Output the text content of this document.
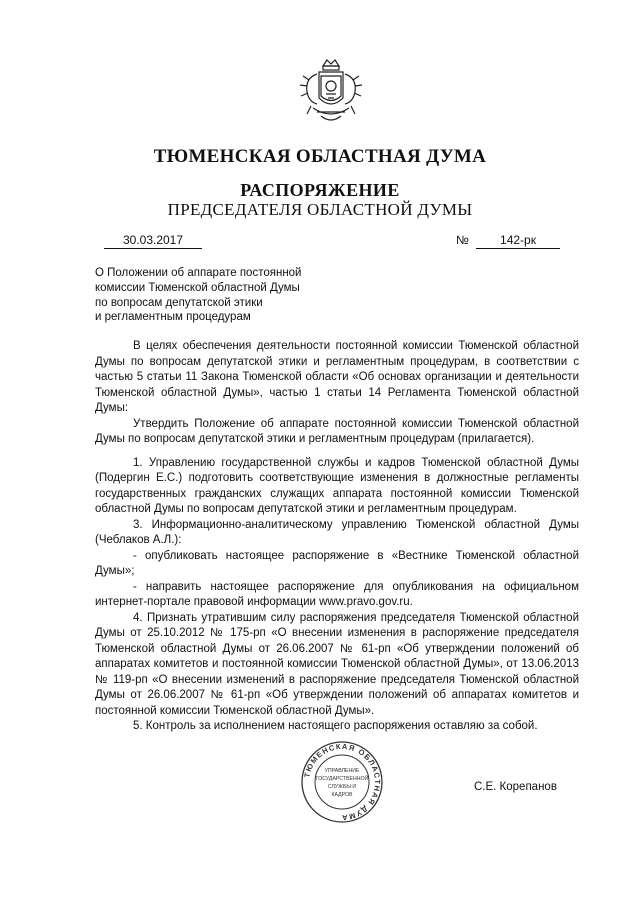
ТЮМЕНСКАЯ ОБЛАСТНАЯ ДУМА
РАСПОРЯЖЕНИЕ
ПРЕДСЕДАТЕЛЯ ОБЛАСТНОЙ ДУМЫ
30.03.2017	№	142-рк
О Положении об аппарате постоянной
комиссии Тюменской областной Думы
по вопросам депутатской этики
и регламентным процедурам

В целях обеспечения деятельности постоянной комиссии Тюменской областной Думы по вопросам депутатской этики и регламентным процедурам, в соответствии с частью 5 статьи 11 Закона Тюменской области «Об основах организации и деятельности Тюменской областной Думы», частью 1 статьи 14 Регламента Тюменской областной Думы:

Утвердить Положение об аппарате постоянной комиссии Тюменской областной Думы по вопросам депутатской этики и регламентным процедурам (прилагается).

1. Управлению государственной службы и кадров Тюменской областной Думы (Подергин Е.С.) подготовить соответствующие изменения в должностные регламенты государственных гражданских служащих аппарата постоянной комиссии Тюменской областной Думы по вопросам депутатской этики и регламентным процедурам.

3. Информационно-аналитическому управлению Тюменской областной Думы (Чеблаков А.Л.):

- опубликовать настоящее распоряжение в «Вестнике Тюменской областной Думы»;

- направить настоящее распоряжение для опубликования на официальном интернет-портале правовой информации www.pravo.gov.ru.

4. Признать утратившим силу распоряжения председателя Тюменской областной Думы от 25.10.2012 № 175-рп «О внесении изменения в распоряжение председателя Тюменской областной Думы от 26.06.2007 № 61-рп «Об утверждении положений об аппаратах комитетов и постоянной комиссии Тюменской областной Думы», от 13.06.2013 № 119-рп «О внесении изменений в распоряжение председателя Тюменской областной Думы от 26.06.2007 № 61-рп «Об утверждении положений об аппаратах комитетов и постоянной комиссии Тюменской областной Думы».

5. Контроль за исполнением настоящего распоряжения оставляю за собой.

ТЮМЕНСКАЯ ОБЛАСТНАЯ ДУМА
УПРАВЛЕНИЕ
ГОСУДАРСТВЕННОЙ
СЛУЖБЫ И
КАДРОВ
С.Е. Корепанов
